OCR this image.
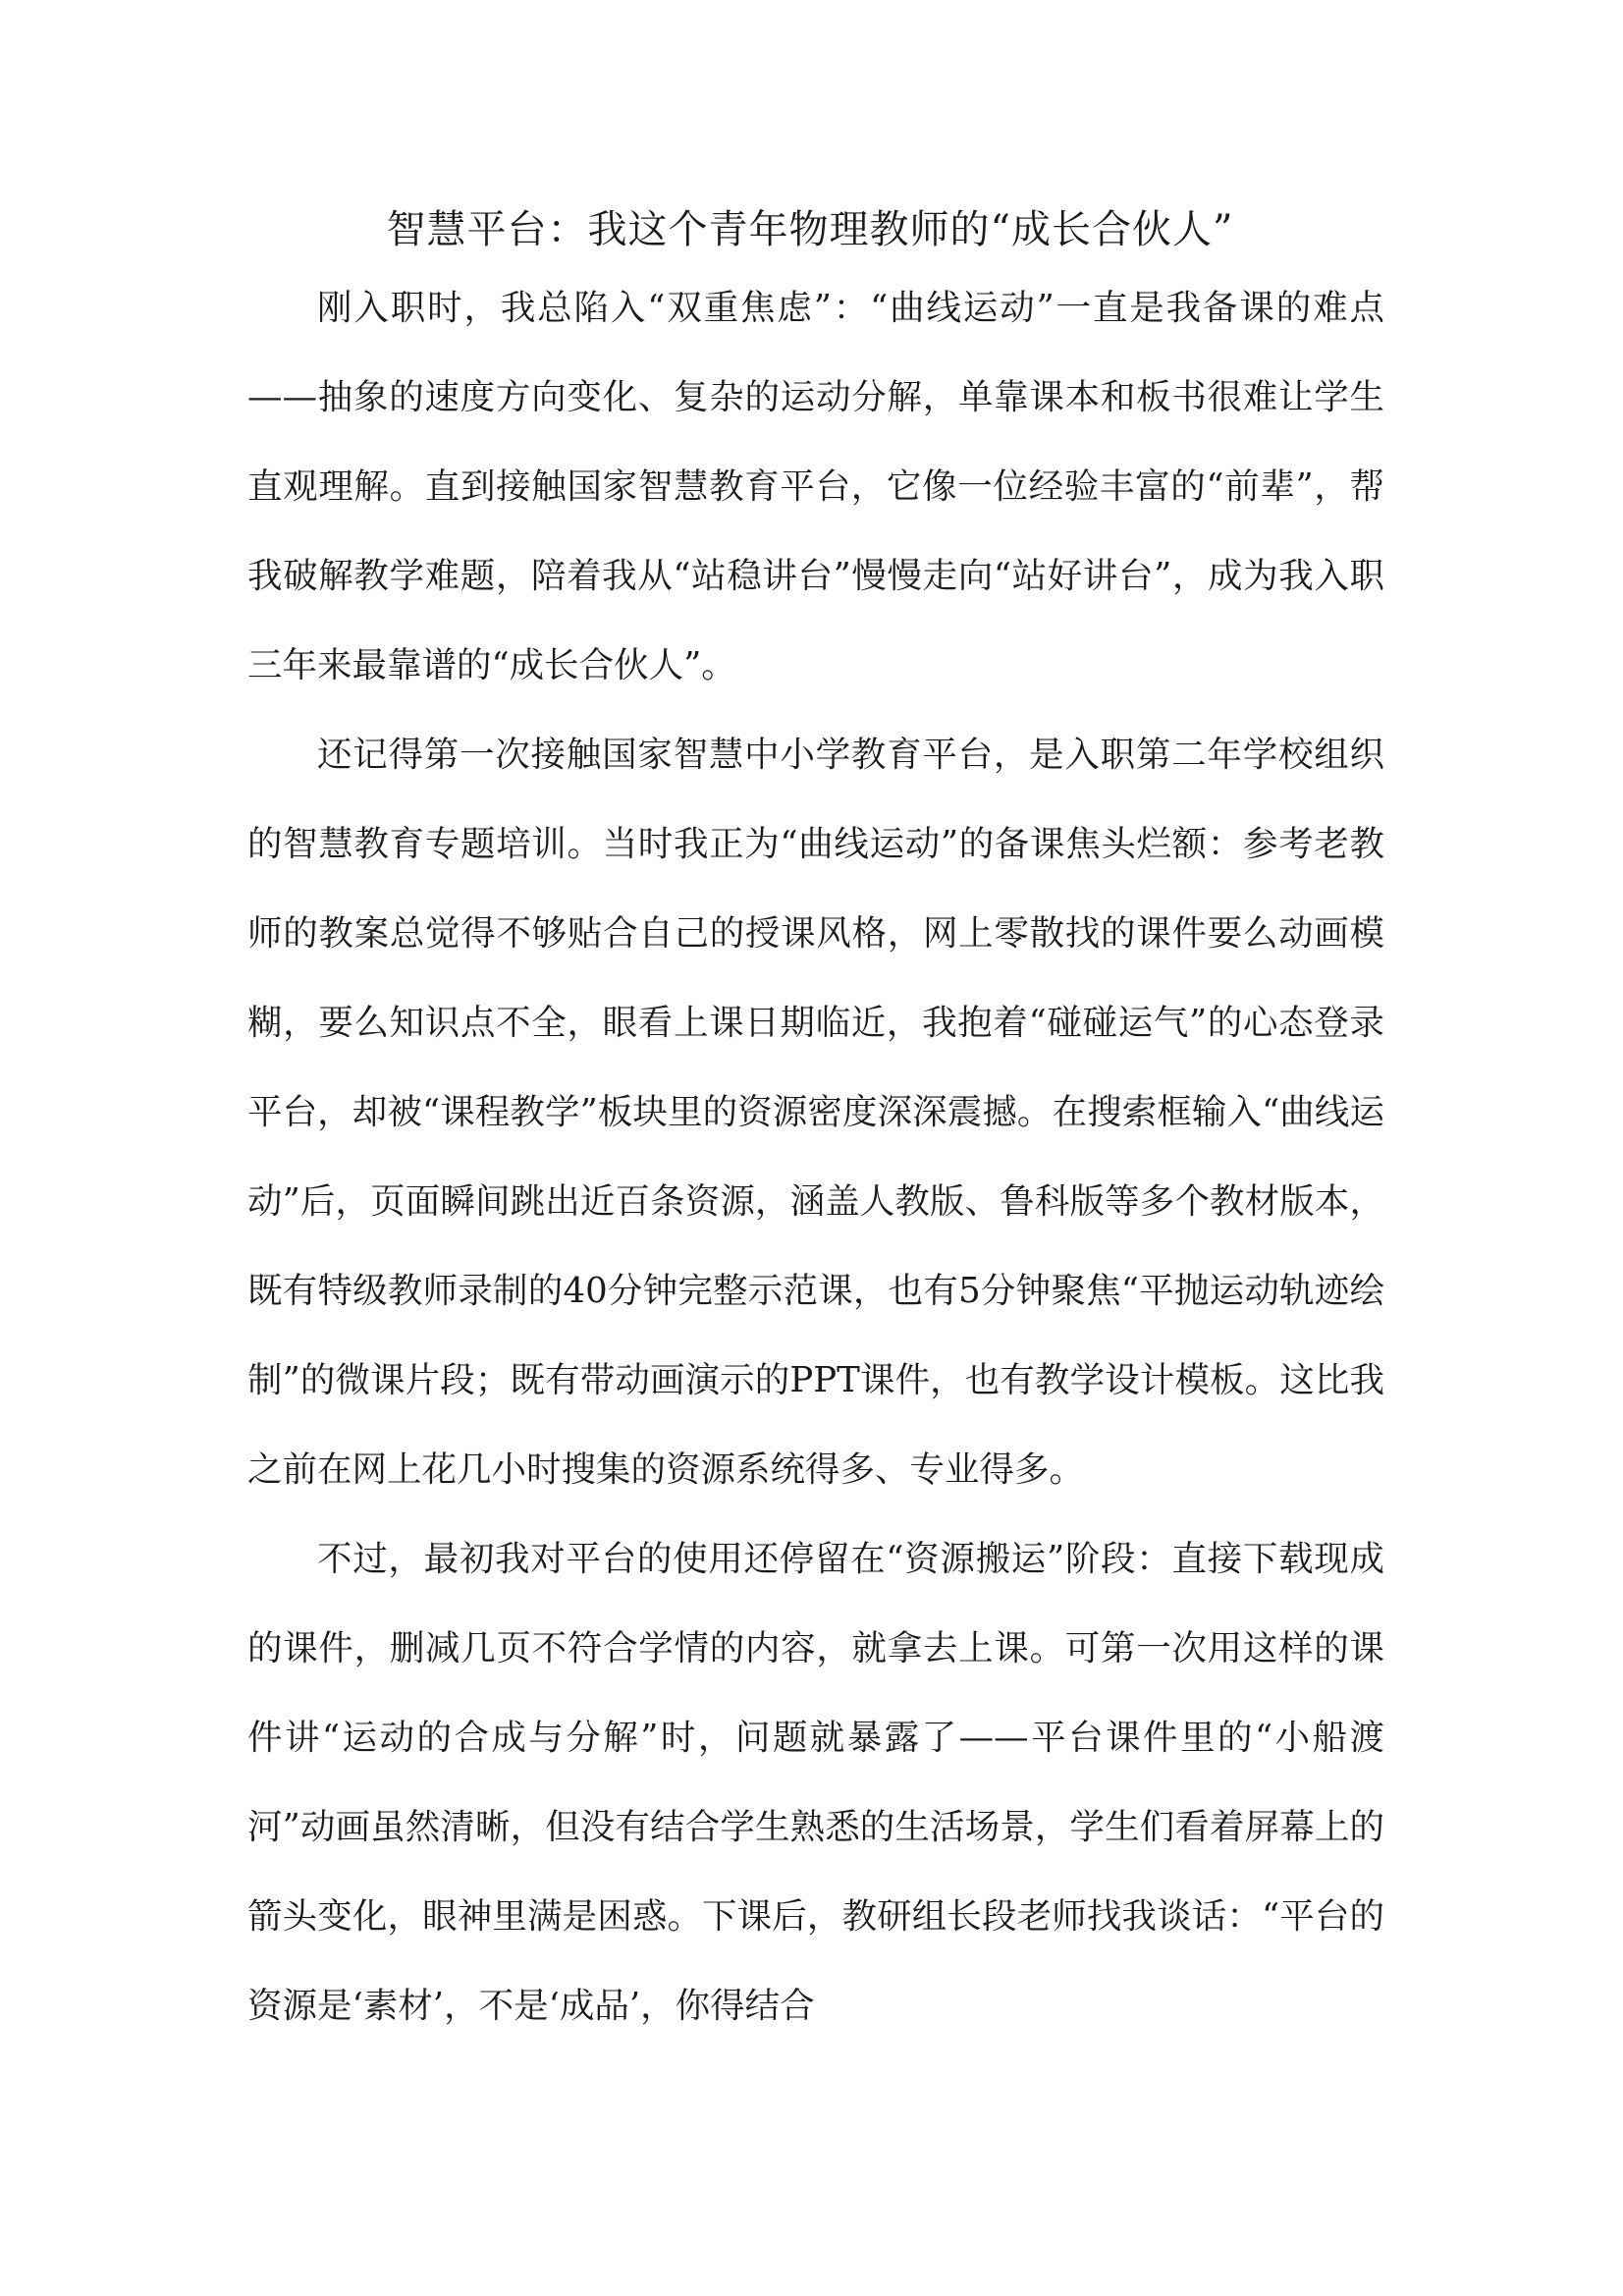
智慧平台：我这个青年物理教师的“成长合伙人”

刚入职时，我总陷入“双重焦虑”：“曲线运动”一直是我备课的难点——抽象的速度方向变化、复杂的运动分解，单靠课本和板书很难让学生直观理解。直到接触国家智慧教育平台，它像一位经验丰富的“前辈”，帮我破解教学难题，陪着我从“站稳讲台”慢慢走向“站好讲台”，成为我入职三年来最靠谱的“成长合伙人”。

还记得第一次接触国家智慧中小学教育平台，是入职第二年学校组织的智慧教育专题培训。当时我正为“曲线运动”的备课焦头烂额：参考老教师的教案总觉得不够贴合自己的授课风格，网上零散找的课件要么动画模糊，要么知识点不全，眼看上课日期临近，我抱着“碰碰运气”的心态登录平台，却被“课程教学”板块里的资源密度深深震撼。在搜索框输入“曲线运动”后，页面瞬间跳出近百条资源，涵盖人教版、鲁科版等多个教材版本，既有特级教师录制的40分钟完整示范课，也有5分钟聚焦“平抛运动轨迹绘制”的微课片段；既有带动画演示的PPT课件，也有教学设计模板。这比我之前在网上花几小时搜集的资源系统得多、专业得多。

不过，最初我对平台的使用还停留在“资源搬运”阶段：直接下载现成的课件，删减几页不符合学情的内容，就拿去上课。可第一次用这样的课件讲“运动的合成与分解”时，问题就暴露了——平台课件里的“小船渡河”动画虽然清晰，但没有结合学生熟悉的生活场景，学生们看着屏幕上的箭头变化，眼神里满是困惑。下课后，教研组长段老师找我谈话：“平台的资源是‘素材’，不是‘成品’，你得结合
